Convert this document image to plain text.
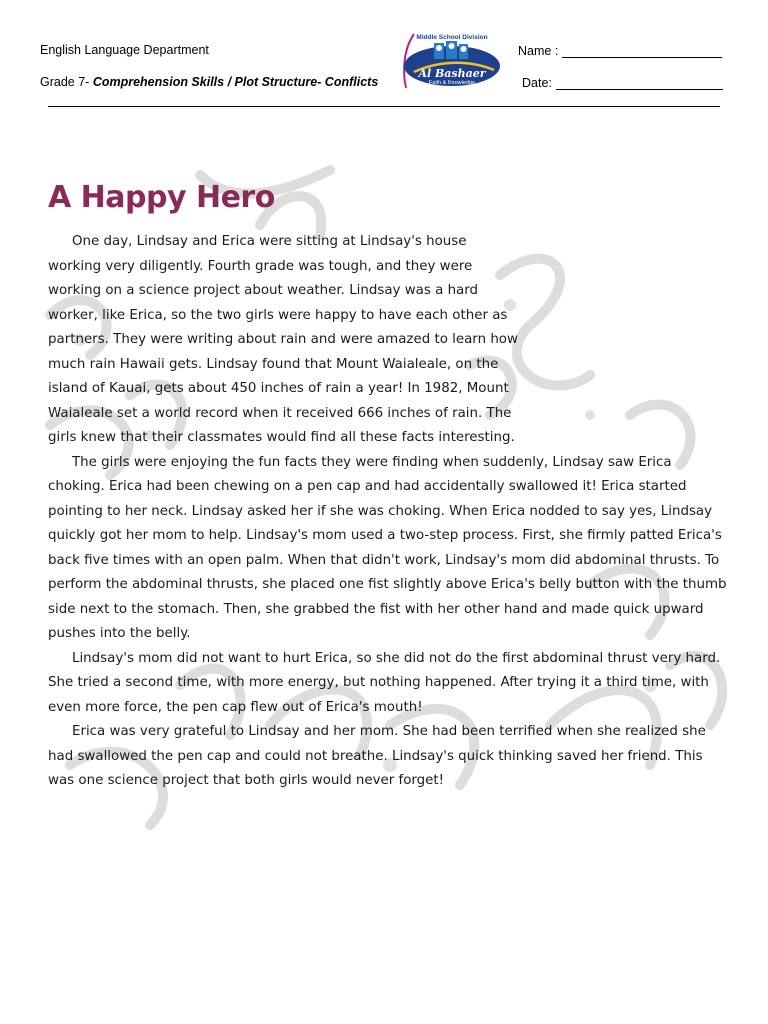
English Language Department
Grade 7- Comprehension Skills / Plot Structure- Conflicts
Middle School Division
Al Bashaer
Faith & Knowledge
Name :
Date:
A Happy Hero

One day, Lindsay and Erica were sitting at Lindsay's house working very diligently. Fourth grade was tough, and they were working on a science project about weather. Lindsay was a hard worker, like Erica, so the two girls were happy to have each other as partners. They were writing about rain and were amazed to learn how much rain Hawaii gets. Lindsay found that Mount Waialeale, on the island of Kauai, gets about 450 inches of rain a year! In 1982, Mount Waialeale set a world record when it received 666 inches of rain. The girls knew that their classmates would find all these facts interesting.

The girls were enjoying the fun facts they were finding when suddenly, Lindsay saw Erica choking. Erica had been chewing on a pen cap and had accidentally swallowed it! Erica started pointing to her neck. Lindsay asked her if she was choking. When Erica nodded to say yes, Lindsay quickly got her mom to help. Lindsay's mom used a two-step process. First, she firmly patted Erica's back five times with an open palm. When that didn't work, Lindsay's mom did abdominal thrusts. To perform the abdominal thrusts, she placed one fist slightly above Erica's belly button with the thumb side next to the stomach. Then, she grabbed the fist with her other hand and made quick upward pushes into the belly.

Lindsay's mom did not want to hurt Erica, so she did not do the first abdominal thrust very hard. She tried a second time, with more energy, but nothing happened. After trying it a third time, with even more force, the pen cap flew out of Erica's mouth!

Erica was very grateful to Lindsay and her mom. She had been terrified when she realized she had swallowed the pen cap and could not breathe. Lindsay's quick thinking saved her friend. This was one science project that both girls would never forget!
